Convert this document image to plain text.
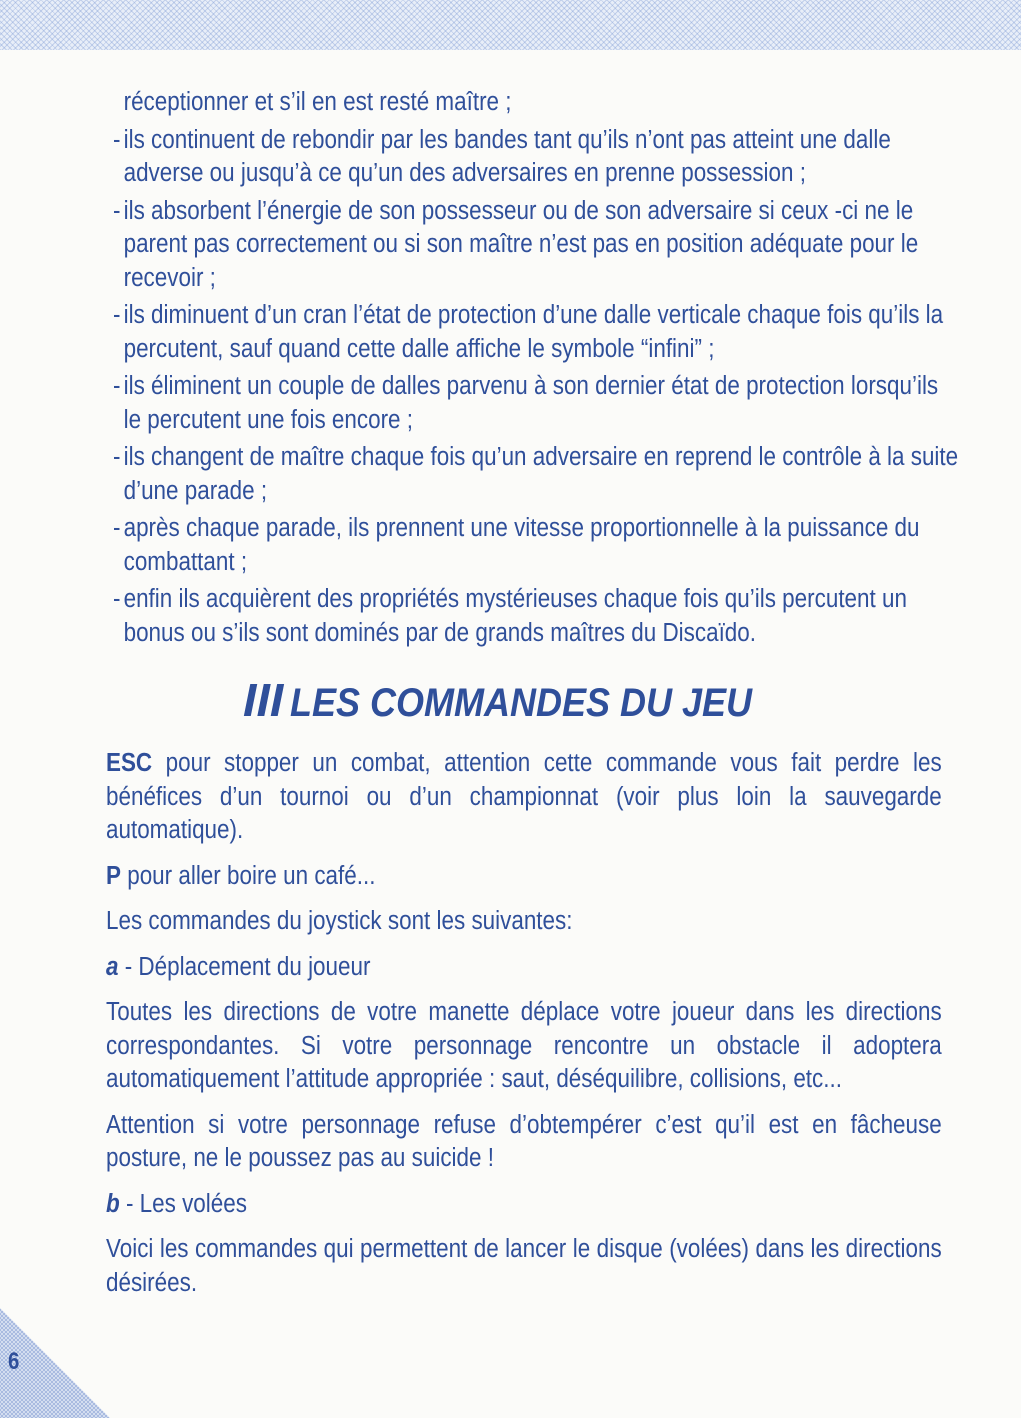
6
réceptionner et s’il en est resté maître ;
- ils continuent de rebondir par les bandes tant qu’ils n’ont pas atteint une dalle adverse ou jusqu’à ce qu’un des adversaires en prenne possession ;
- ils absorbent l’énergie de son possesseur ou de son adversaire si ceux -ci ne le parent pas correctement ou si son maître n’est pas en position adéquate pour le recevoir ;
- ils diminuent d’un cran l’état de protection d’une dalle verticale chaque fois qu’ils la percutent, sauf quand cette dalle affiche le symbole “infini” ;
- ils éliminent un couple de dalles parvenu à son dernier état de protection lorsqu’ils le percutent une fois encore ;
- ils changent de maître chaque fois qu’un adversaire en reprend le contrôle à la suite d’une parade ;
- après chaque parade, ils prennent une vitesse proportionnelle à la puissance du combattant ;
- enfin ils acquièrent des propriétés mystérieuses chaque fois qu’ils percutent un bonus ou s’ils sont dominés par de grands maîtres du Discaïdo.
III LES COMMANDES DU JEU

ESC pour stopper un combat, attention cette commande vous fait perdre les bénéfices d’un tournoi ou d’un championnat (voir plus loin la sauvegarde automatique).

P pour aller boire un café...

Les commandes du joystick sont les suivantes:

a - Déplacement du joueur

Toutes les directions de votre manette déplace votre joueur dans les directions correspondantes. Si votre personnage rencontre un obstacle il adoptera automatiquement l’attitude appropriée : saut, déséquilibre, collisions, etc...

Attention si votre personnage refuse d’obtempérer c’est qu’il est en fâcheuse posture, ne le poussez pas au suicide !

b - Les volées

Voici les commandes qui permettent de lancer le disque (volées) dans les directions désirées.
